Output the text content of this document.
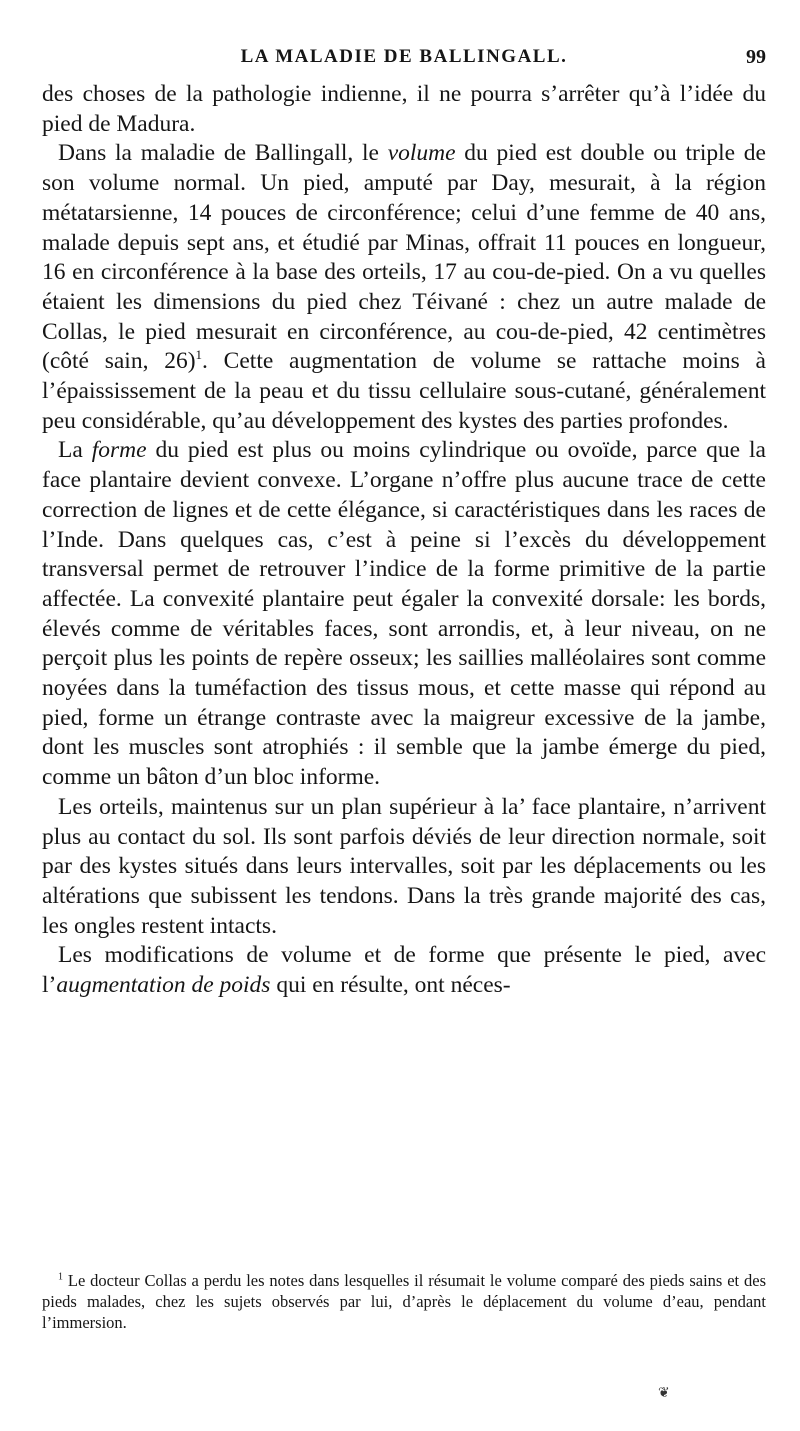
LA MALADIE DE BALLINGALL.	99

des choses de la pathologie indienne, il ne pourra s’arrêter qu’à l’idée du pied de Madura.

Dans la maladie de Ballingall, le volume du pied est double ou triple de son volume normal. Un pied, amputé par Day, mesurait, à la région métatarsienne, 14 pouces de circonférence; celui d’une femme de 40 ans, malade depuis sept ans, et étudié par Minas, offrait 11 pouces en longueur, 16 en circonférence à la base des orteils, 17 au cou-de-pied. On a vu quelles étaient les dimensions du pied chez Téivané : chez un autre malade de Collas, le pied mesurait en circonférence, au cou-de-pied, 42 centimètres (côté sain, 26)$^1$. Cette augmentation de volume se rattache moins à l’épaississement de la peau et du tissu cellulaire sous-cutané, généralement peu considérable, qu’au développement des kystes des parties profondes.

La forme du pied est plus ou moins cylindrique ou ovoïde, parce que la face plantaire devient convexe. L’organe n’offre plus aucune trace de cette correction de lignes et de cette élégance, si caractéristiques dans les races de l’Inde. Dans quelques cas, c’est à peine si l’excès du développement transversal permet de retrouver l’indice de la forme primitive de la partie affectée. La convexité plantaire peut égaler la convexité dorsale: les bords, élevés comme de véritables faces, sont arrondis, et, à leur niveau, on ne perçoit plus les points de repère osseux; les saillies malléolaires sont comme noyées dans la tuméfaction des tissus mous, et cette masse qui répond au pied, forme un étrange contraste avec la maigreur excessive de la jambe, dont les muscles sont atrophiés : il semble que la jambe émerge du pied, comme un bâton d’un bloc informe.

Les orteils, maintenus sur un plan supérieur à la’ face plantaire, n’arrivent plus au contact du sol. Ils sont parfois déviés de leur direction normale, soit par des kystes situés dans leurs intervalles, soit par les déplacements ou les altérations que subissent les tendons. Dans la très grande majorité des cas, les ongles restent intacts.

Les modifications de volume et de forme que présente le pied, avec l’augmentation de poids qui en résulte, ont néces-

$^1$ Le docteur Collas a perdu les notes dans lesquelles il résumait le volume comparé des pieds sains et des pieds malades, chez les sujets observés par lui, d’après le déplacement du volume d’eau, pendant l’immersion.

❦
